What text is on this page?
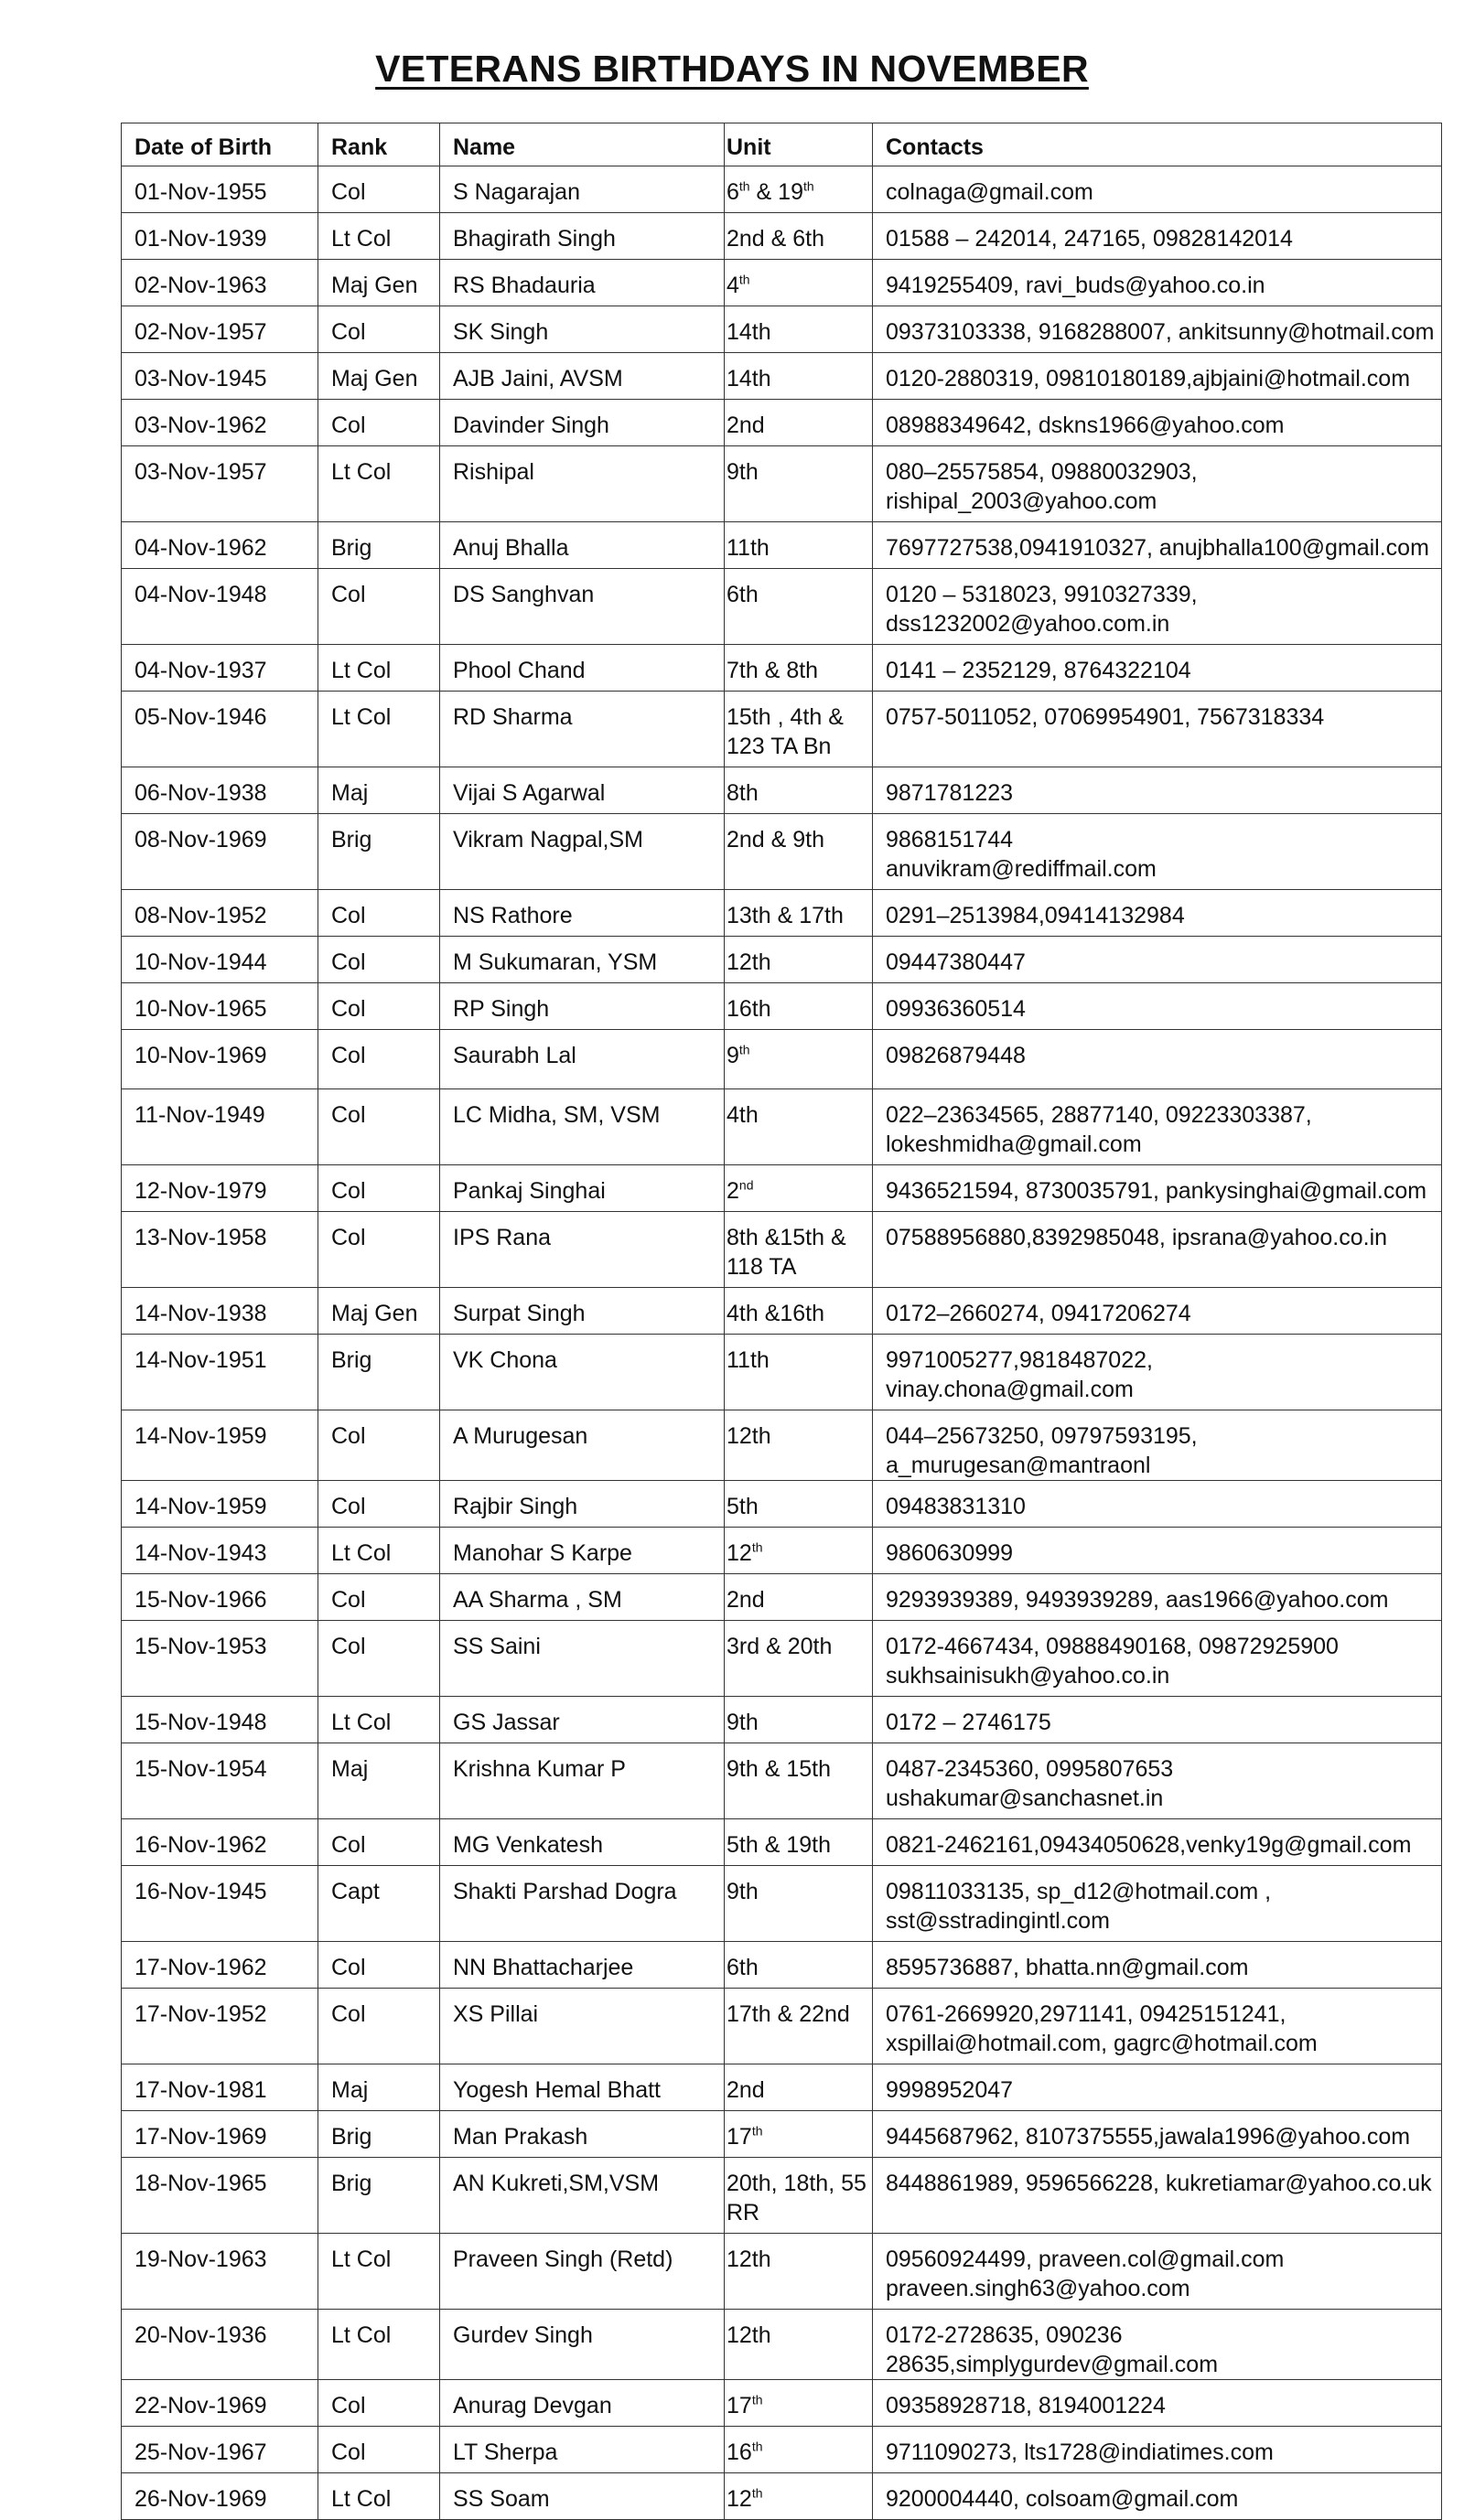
VETERANS BIRTHDAYS IN NOVEMBER
Date of Birth	Rank	Name	Unit	Contacts
01-Nov-1955	Col	S Nagarajan	6th & 19th	colnaga@gmail.com
01-Nov-1939	Lt Col	Bhagirath Singh	2nd & 6th	01588 – 242014, 247165, 09828142014
02-Nov-1963	Maj Gen	RS Bhadauria	4th	9419255409, ravi_buds@yahoo.co.in
02-Nov-1957	Col	SK Singh	14th	09373103338, 9168288007, ankitsunny@hotmail.com
03-Nov-1945	Maj Gen	AJB Jaini, AVSM	14th	0120-2880319, 09810180189,ajbjaini@hotmail.com
03-Nov-1962	Col	Davinder Singh	2nd	08988349642, dskns1966@yahoo.com
03-Nov-1957	Lt Col	Rishipal	9th	080–25575854, 09880032903,
rishipal_2003@yahoo.com
04-Nov-1962	Brig	Anuj Bhalla	11th	7697727538,0941910327, anujbhalla100@gmail.com
04-Nov-1948	Col	DS Sanghvan	6th	0120 – 5318023, 9910327339,
dss1232002@yahoo.com.in
04-Nov-1937	Lt Col	Phool Chand	7th & 8th	0141 – 2352129, 8764322104
05-Nov-1946	Lt Col	RD Sharma	15th , 4th &
123 TA Bn	0757-5011052, 07069954901, 7567318334
06-Nov-1938	Maj	Vijai S Agarwal	8th	9871781223
08-Nov-1969	Brig	Vikram Nagpal,SM	2nd & 9th	9868151744
anuvikram@rediffmail.com
08-Nov-1952	Col	NS Rathore	13th & 17th	0291–2513984,09414132984
10-Nov-1944	Col	M Sukumaran, YSM	12th	09447380447
10-Nov-1965	Col	RP Singh	16th	09936360514
10-Nov-1969	Col	Saurabh Lal	9th	09826879448
11-Nov-1949	Col	LC Midha, SM, VSM	4th	022–23634565, 28877140, 09223303387,
lokeshmidha@gmail.com
12-Nov-1979	Col	Pankaj Singhai	2nd	9436521594, 8730035791, pankysinghai@gmail.com
13-Nov-1958	Col	IPS Rana	8th &15th &
118 TA	07588956880,8392985048, ipsrana@yahoo.co.in
14-Nov-1938	Maj Gen	Surpat Singh	4th &16th	0172–2660274, 09417206274
14-Nov-1951	Brig	VK Chona	11th	9971005277,9818487022,
vinay.chona@gmail.com
14-Nov-1959	Col	A Murugesan	12th	044–25673250, 09797593195, a_murugesan@mantraonl
14-Nov-1959	Col	Rajbir Singh	5th	09483831310
14-Nov-1943	Lt Col	Manohar S Karpe	12th	9860630999
15-Nov-1966	Col	AA Sharma , SM	2nd	9293939389, 9493939289, aas1966@yahoo.com
15-Nov-1953	Col	SS Saini	3rd & 20th	0172-4667434, 09888490168, 09872925900
sukhsainisukh@yahoo.co.in
15-Nov-1948	Lt Col	GS Jassar	9th	0172 – 2746175
15-Nov-1954	Maj	Krishna Kumar P	9th & 15th	0487-2345360, 0995807653
ushakumar@sanchasnet.in
16-Nov-1962	Col	MG Venkatesh	5th & 19th	0821-2462161,09434050628,venky19g@gmail.com
16-Nov-1945	Capt	Shakti Parshad Dogra	9th	09811033135, sp_d12@hotmail.com ,
sst@sstradingintl.com
17-Nov-1962	Col	NN Bhattacharjee	6th	8595736887, bhatta.nn@gmail.com
17-Nov-1952	Col	XS Pillai	17th & 22nd	0761-2669920,2971141, 09425151241,
xspillai@hotmail.com, gagrc@hotmail.com
17-Nov-1981	Maj	Yogesh Hemal Bhatt	2nd	9998952047
17-Nov-1969	Brig	Man Prakash	17th	9445687962, 8107375555,jawala1996@yahoo.com
18-Nov-1965	Brig	AN Kukreti,SM,VSM	20th, 18th, 55
RR	8448861989, 9596566228, kukretiamar@yahoo.co.uk
19-Nov-1963	Lt Col	Praveen Singh (Retd)	12th	09560924499, praveen.col@gmail.com
praveen.singh63@yahoo.com
20-Nov-1936	Lt Col	Gurdev Singh	12th	0172-2728635, 090236 28635,simplygurdev@gmail.com
22-Nov-1969	Col	Anurag Devgan	17th	09358928718, 8194001224
25-Nov-1967	Col	LT Sherpa	16th	9711090273, lts1728@indiatimes.com
26-Nov-1969	Lt Col	SS Soam	12th	9200004440, colsoam@gmail.com
